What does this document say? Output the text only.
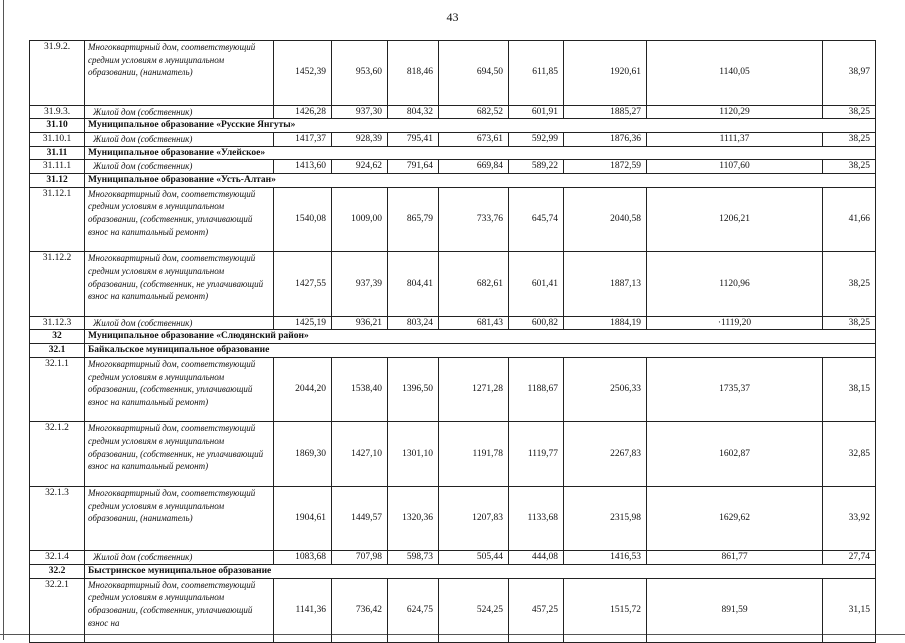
43
31.9.2.	Многоквартирный дом, соответствующий средним условиям в муниципальном образовании, (наниматель)	1452,39	953,60	818,46	694,50	611,85	1920,61	1140,05	38,97
31.9.3.	Жилой дом (собственник)	1426,28	937,30	804,32	682,52	601,91	1885,27	1120,29	38,25
31.10	Муниципальное образование «Русские Янгуты»								
31.10.1	Жилой дом (собственник)	1417,37	928,39	795,41	673,61	592,99	1876,36	1111,37	38,25
31.11	Муниципальное образование «Улейское»								
31.11.1	Жилой дом (собственник)	1413,60	924,62	791,64	669,84	589,22	1872,59	1107,60	38,25
31.12	Муниципальное образование «Усть-Алтан»								
31.12.1	Многоквартирный дом, соответствующий средним условиям в муниципальном образовании, (собственник, уплачивающий взнос на капитальный ремонт)	1540,08	1009,00	865,79	733,76	645,74	2040,58	1206,21	41,66
31.12.2	Многоквартирный дом, соответствующий средним условиям в муниципальном образовании, (собственник, не уплачивающий взнос на капитальный ремонт)	1427,55	937,39	804,41	682,61	601,41	1887,13	1120,96	38,25
31.12.3	Жилой дом (собственник)	1425,19	936,21	803,24	681,43	600,82	1884,19	·1119,20	38,25
32	Муниципальное образование «Слюдянский район»								
32.1	Байкальское муниципальное образование								
32.1.1	Многоквартирный дом, соответствующий средним условиям в муниципальном образовании, (собственник, уплачивающий взнос на капитальный ремонт)	2044,20	1538,40	1396,50	1271,28	1188,67	2506,33	1735,37	38,15
32.1.2	Многоквартирный дом, соответствующий средним условиям в муниципальном образовании, (собственник, не уплачивающий взнос на капитальный ремонт)	1869,30	1427,10	1301,10	1191,78	1119,77	2267,83	1602,87	32,85
32.1.3	Многоквартирный дом, соответствующий средним условиям в муниципальном образовании, (наниматель)	1904,61	1449,57	1320,36	1207,83	1133,68	2315,98	1629,62	33,92
32.1.4	Жилой дом (собственник)	1083,68	707,98	598,73	505,44	444,08	1416,53	861,77	27,74
32.2	Быстринское муниципальное образование								
32.2.1	Многоквартирный дом, соответствующий средним условиям в муниципальном образовании, (собственник, уплачивающий взнос на	1141,36	736,42	624,75	524,25	457,25	1515,72	891,59	31,15
